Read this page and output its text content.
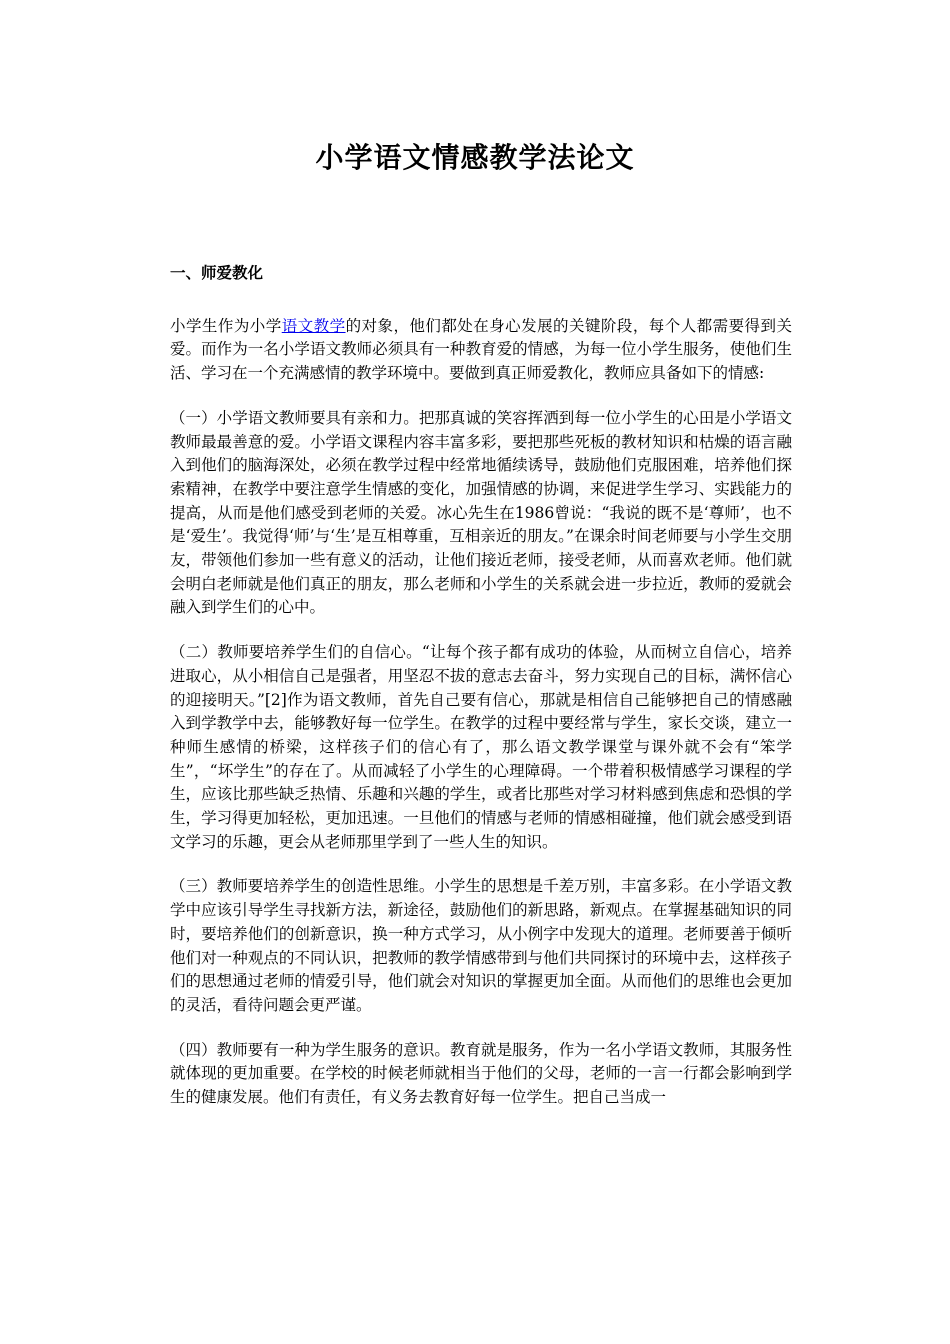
小学语文情感教学法论文
一、师爱教化
小学生作为小学语文教学的对象，他们都处在身心发展的关键阶段，每个人都需要得到关爱。而作为一名小学语文教师必须具有一种教育爱的情感，为每一位小学生服务，使他们生活、学习在一个充满感情的教学环境中。要做到真正师爱教化，教师应具备如下的情感:
（一）小学语文教师要具有亲和力。把那真诚的笑容挥洒到每一位小学生的心田是小学语文教师最最善意的爱。小学语文课程内容丰富多彩，要把那些死板的教材知识和枯燥的语言融入到他们的脑海深处，必须在教学过程中经常地循续诱导，鼓励他们克服困难，培养他们探索精神，在教学中要注意学生情感的变化，加强情感的协调，来促进学生学习、实践能力的提高，从而是他们感受到老师的关爱。冰心先生在1986曾说：“我说的既不是‘尊师’，也不是‘爱生’。我觉得‘师’与‘生’是互相尊重，互相亲近的朋友。”在课余时间老师要与小学生交朋友，带领他们参加一些有意义的活动，让他们接近老师，接受老师，从而喜欢老师。他们就会明白老师就是他们真正的朋友，那么老师和小学生的关系就会进一步拉近，教师的爱就会融入到学生们的心中。
（二）教师要培养学生们的自信心。“让每个孩子都有成功的体验，从而树立自信心，培养进取心，从小相信自己是强者，用坚忍不拔的意志去奋斗，努力实现自己的目标，满怀信心的迎接明天。”[2]作为语文教师，首先自己要有信心，那就是相信自己能够把自己的情感融入到学教学中去，能够教好每一位学生。在教学的过程中要经常与学生，家长交谈，建立一种师生感情的桥梁，这样孩子们的信心有了，那么语文教学课堂与课外就不会有“笨学生”，“坏学生”的存在了。从而减轻了小学生的心理障碍。一个带着积极情感学习课程的学生，应该比那些缺乏热情、乐趣和兴趣的学生，或者比那些对学习材料感到焦虑和恐惧的学生，学习得更加轻松，更加迅速。一旦他们的情感与老师的情感相碰撞，他们就会感受到语文学习的乐趣，更会从老师那里学到了一些人生的知识。
（三）教师要培养学生的创造性思维。小学生的思想是千差万别，丰富多彩。在小学语文教学中应该引导学生寻找新方法，新途径，鼓励他们的新思路，新观点。在掌握基础知识的同时，要培养他们的创新意识，换一种方式学习，从小例字中发现大的道理。老师要善于倾听他们对一种观点的不同认识，把教师的教学情感带到与他们共同探讨的环境中去，这样孩子们的思想通过老师的情爱引导，他们就会对知识的掌握更加全面。从而他们的思维也会更加的灵活，看待问题会更严谨。
（四）教师要有一种为学生服务的意识。教育就是服务，作为一名小学语文教师，其服务性就体现的更加重要。在学校的时候老师就相当于他们的父母，老师的一言一行都会影响到学生的健康发展。他们有责任，有义务去教育好每一位学生。把自己当成一
